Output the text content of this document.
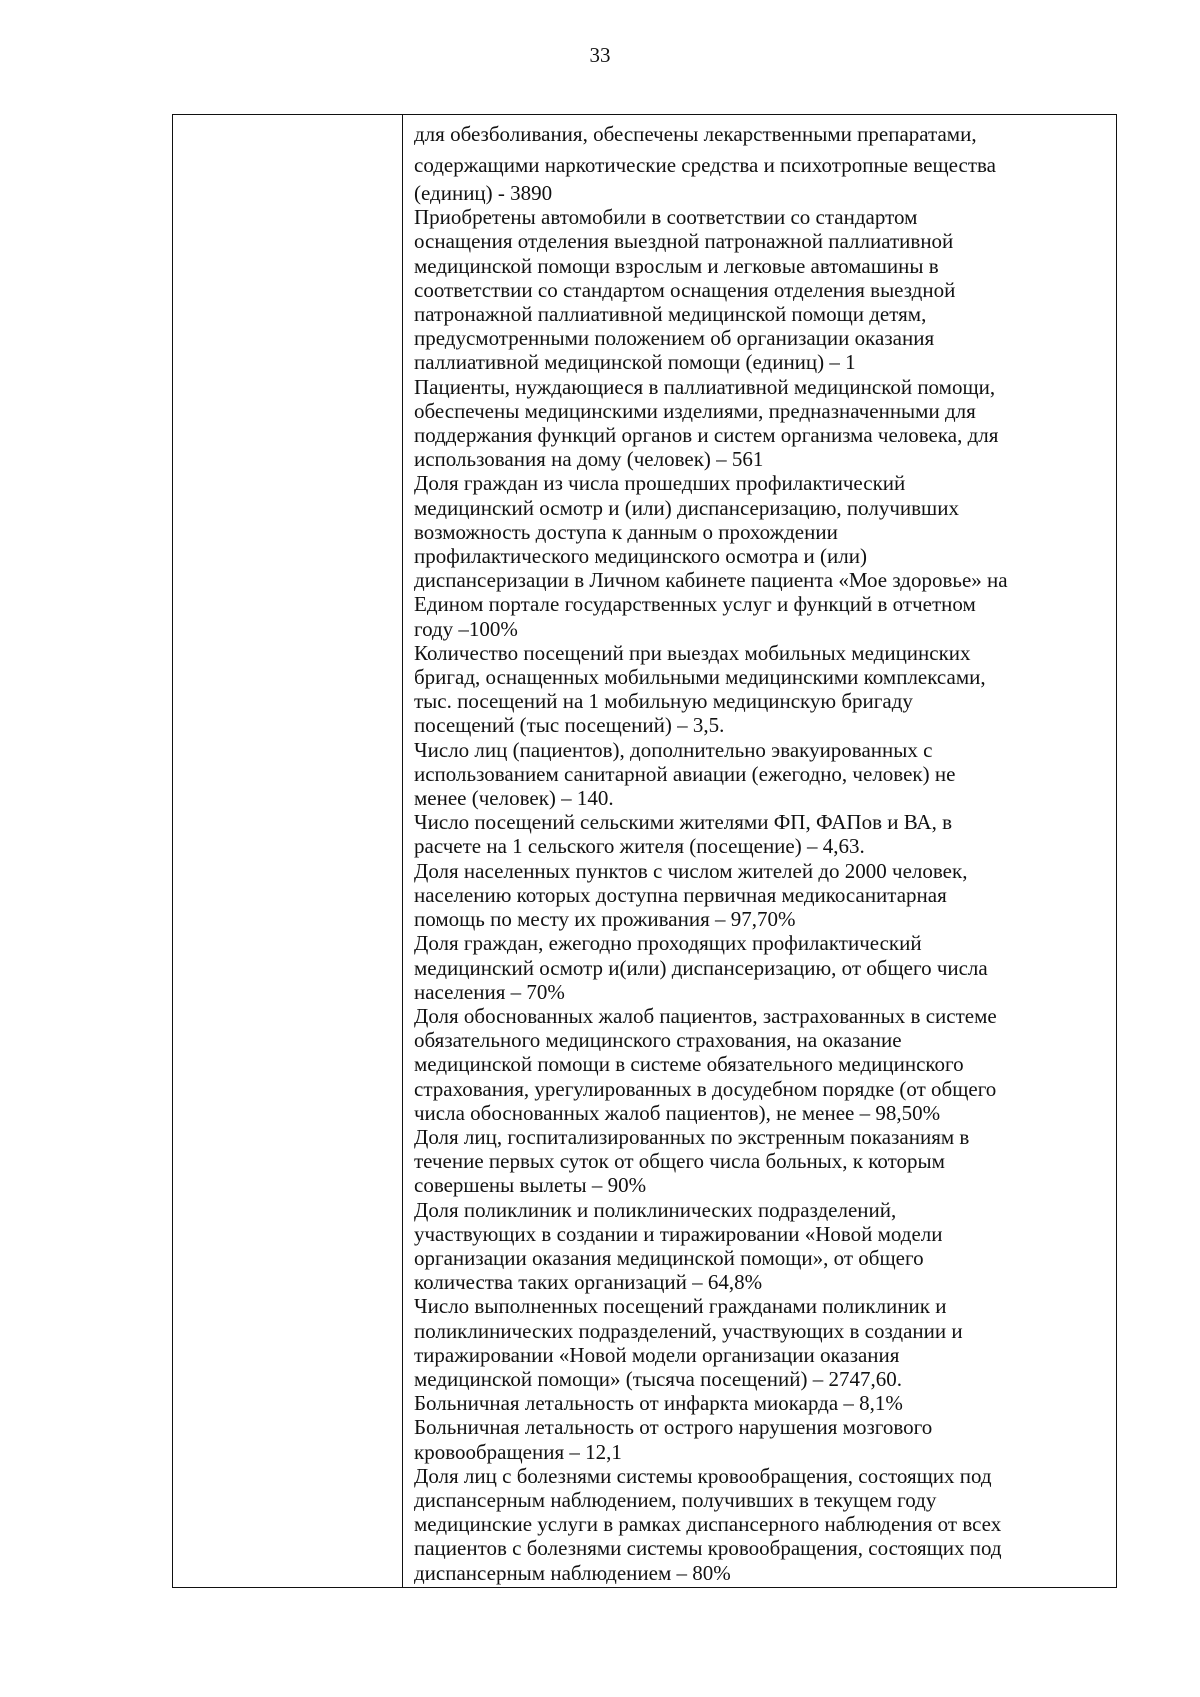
33
для обезболивания, обеспечены лекарственными препаратами,
содержащими наркотические средства и психотропные вещества
(единиц) - 3890
Приобретены автомобили в соответствии со стандартом
оснащения отделения выездной патронажной паллиативной
медицинской помощи взрослым и легковые автомашины в
соответствии со стандартом оснащения отделения выездной
патронажной паллиативной медицинской помощи детям,
предусмотренными положением об организации оказания
паллиативной медицинской помощи (единиц) – 1
Пациенты, нуждающиеся в паллиативной медицинской помощи,
обеспечены медицинскими изделиями, предназначенными для
поддержания функций органов и систем организма человека, для
использования на дому (человек) – 561
Доля граждан из числа прошедших профилактический
медицинский осмотр и (или) диспансеризацию, получивших
возможность доступа к данным о прохождении
профилактического медицинского осмотра и (или)
диспансеризации в Личном кабинете пациента «Мое здоровье» на
Едином портале государственных услуг и функций в отчетном
году –100%
Количество посещений при выездах мобильных медицинских
бригад, оснащенных мобильными медицинскими комплексами,
тыс. посещений на 1 мобильную медицинскую бригаду
посещений (тыс посещений) – 3,5.
Число лиц (пациентов), дополнительно эвакуированных с
использованием санитарной авиации (ежегодно, человек) не
менее (человек) – 140.
Число посещений сельскими жителями ФП, ФАПов и ВА, в
расчете на 1 сельского жителя (посещение) – 4,63.
Доля населенных пунктов с числом жителей до 2000 человек,
населению которых доступна первичная медикосанитарная
помощь по месту их проживания – 97,70%
Доля граждан, ежегодно проходящих профилактический
медицинский осмотр и(или) диспансеризацию, от общего числа
населения – 70%
Доля обоснованных жалоб пациентов, застрахованных в системе
обязательного медицинского страхования, на оказание
медицинской помощи в системе обязательного медицинского
страхования, урегулированных в досудебном порядке (от общего
числа обоснованных жалоб пациентов), не менее – 98,50%
Доля лиц, госпитализированных по экстренным показаниям в
течение первых суток от общего числа больных, к которым
совершены вылеты – 90%
Доля поликлиник и поликлинических подразделений,
участвующих в создании и тиражировании «Новой модели
организации оказания медицинской помощи», от общего
количества таких организаций – 64,8%
Число выполненных посещений гражданами поликлиник и
поликлинических подразделений, участвующих в создании и
тиражировании «Новой модели организации оказания
медицинской помощи» (тысяча посещений) – 2747,60.
Больничная летальность от инфаркта миокарда – 8,1%
Больничная летальность от острого нарушения мозгового
кровообращения – 12,1
Доля лиц с болезнями системы кровообращения, состоящих под
диспансерным наблюдением, получивших в текущем году
медицинские услуги в рамках диспансерного наблюдения от всех
пациентов с болезнями системы кровообращения, состоящих под
диспансерным наблюдением – 80%
